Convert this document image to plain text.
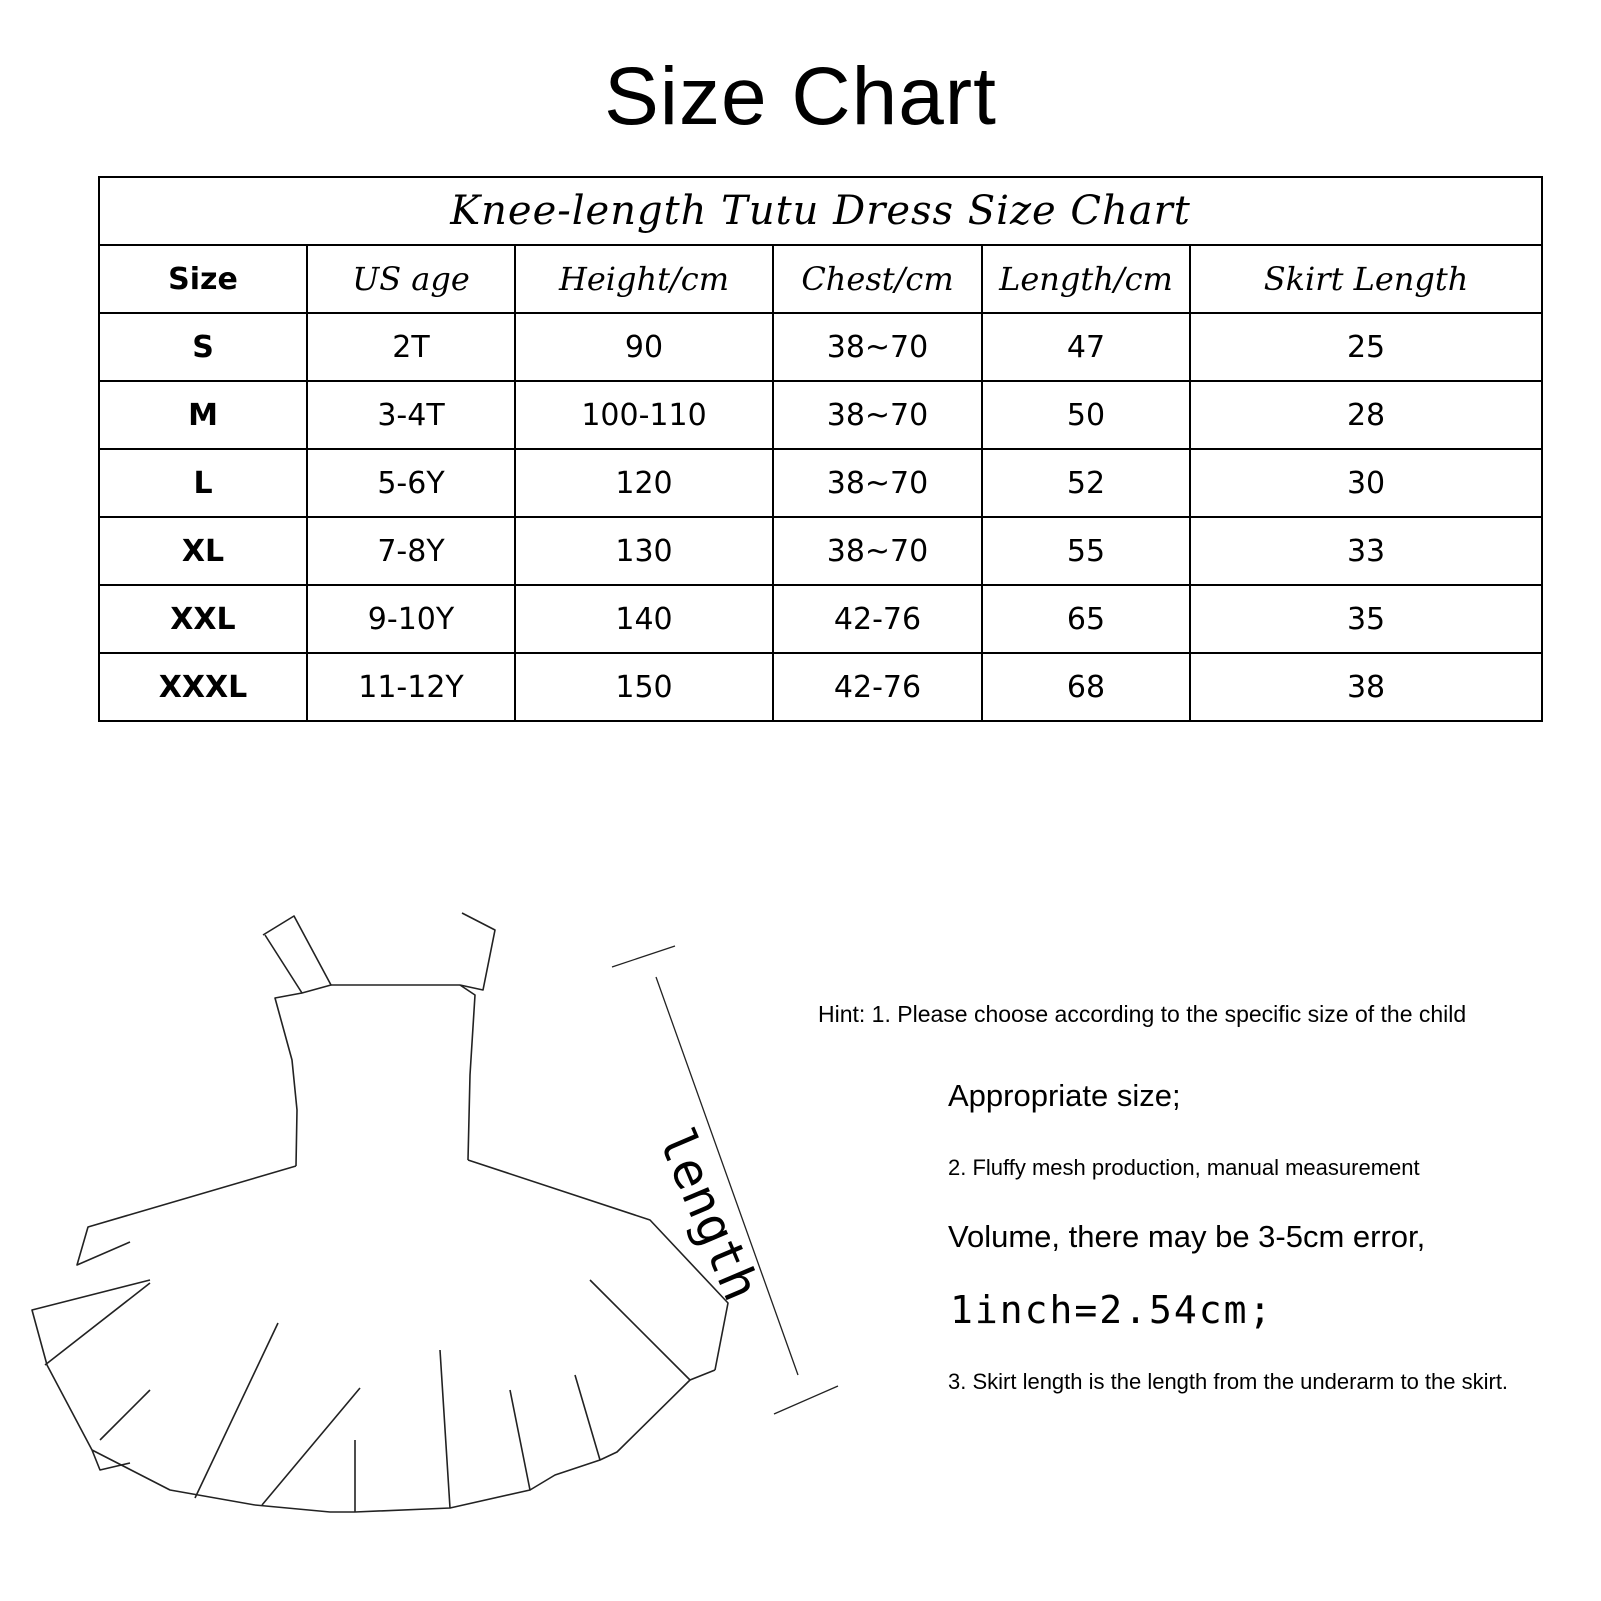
Size Chart
Knee-length Tutu Dress Size Chart					
Size	US age	Height/cm	Chest/cm	Length/cm	Skirt Length
S	2T	90	38~70	47	25
M	3-4T	100-110	38~70	50	28
L	5-6Y	120	38~70	52	30
XL	7-8Y	130	38~70	55	33
XXL	9-10Y	140	42-76	65	35
XXXL	11-12Y	150	42-76	68	38
length
Hint: 1. Please choose according to the specific size of the child
Appropriate size;
2. Fluffy mesh production, manual measurement
Volume, there may be 3-5cm error,
1inch=2.54cm;
3. Skirt length is the length from the underarm to the skirt.
